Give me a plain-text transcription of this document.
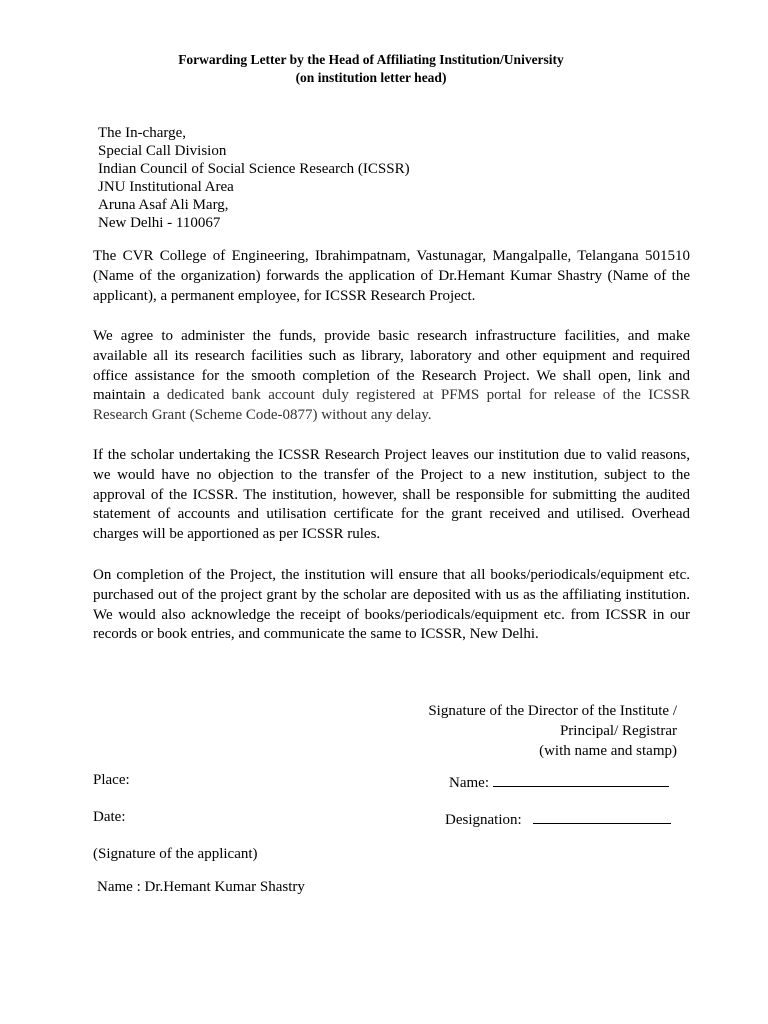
Forwarding Letter by the Head of Affiliating Institution/University
(on institution letter head)
The In-charge,
Special Call Division
Indian Council of Social Science Research (ICSSR)
JNU Institutional Area
Aruna Asaf Ali Marg,
New Delhi - 110067
The CVR College of Engineering, Ibrahimpatnam, Vastunagar, Mangalpalle, Telangana 501510 (Name of the organization) forwards the application of Dr.Hemant Kumar Shastry (Name of the applicant), a permanent employee, for ICSSR Research Project.
We agree to administer the funds, provide basic research infrastructure facilities, and make available all its research facilities such as library, laboratory and other equipment and required office assistance for the smooth completion of the Research Project. We shall open, link and maintain a dedicated bank account duly registered at PFMS portal for release of the ICSSR Research Grant (Scheme Code-0877) without any delay.
If the scholar undertaking the ICSSR Research Project leaves our institution due to valid reasons, we would have no objection to the transfer of the Project to a new institution, subject to the approval of the ICSSR. The institution, however, shall be responsible for submitting the audited statement of accounts and utilisation certificate for the grant received and utilised. Overhead charges will be apportioned as per ICSSR rules.
On completion of the Project, the institution will ensure that all books/periodicals/equipment etc. purchased out of the project grant by the scholar are deposited with us as the affiliating institution. We would also acknowledge the receipt of books/periodicals/equipment etc. from ICSSR in our records or book entries, and communicate the same to ICSSR, New Delhi.
Signature of the Director of the Institute /
Principal/ Registrar
(with name and stamp)
Place:	Name:
Date:	Designation:
(Signature of the applicant)
Name : Dr.Hemant Kumar Shastry
